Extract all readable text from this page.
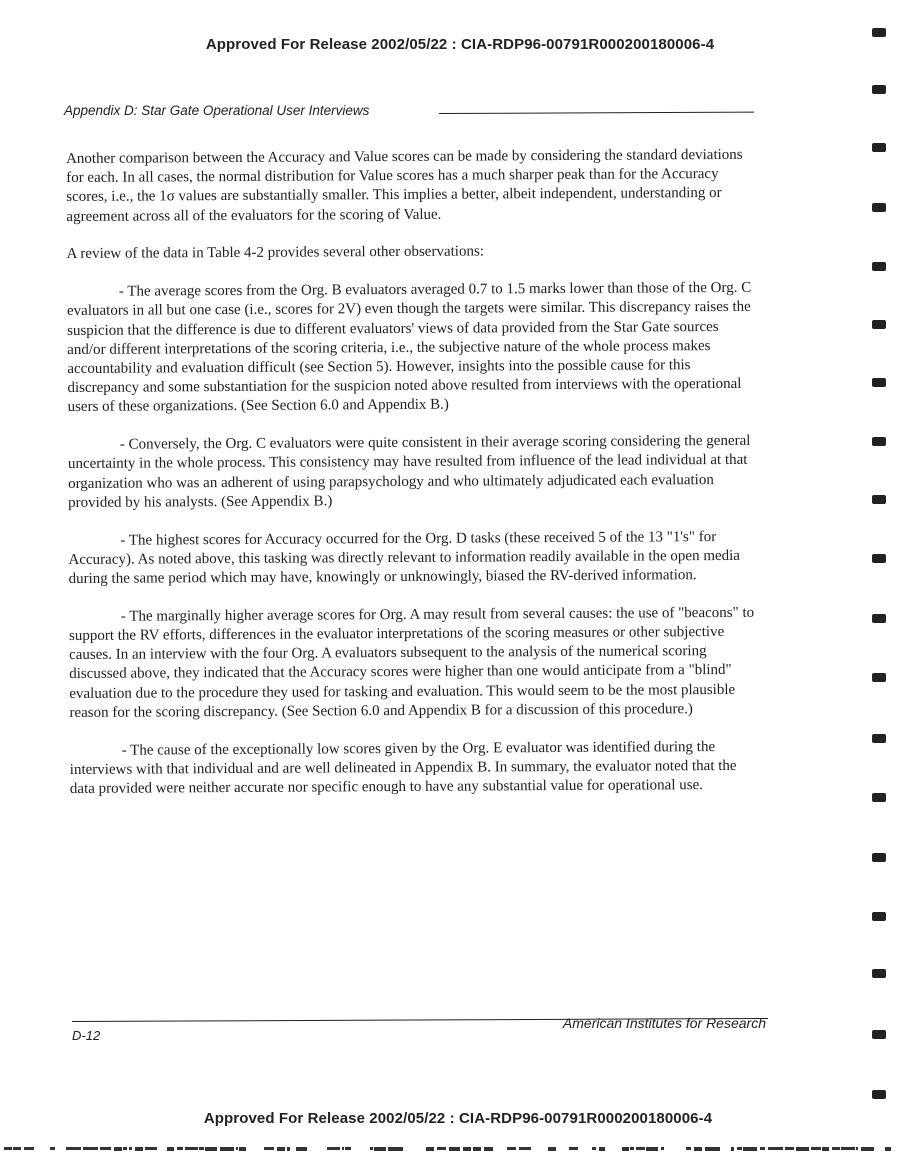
Approved For Release 2002/05/22 : CIA-RDP96-00791R000200180006-4
Appendix D: Star Gate Operational User Interviews

Another comparison between the Accuracy and Value scores can be made by considering the standard deviations for each. In all cases, the normal distribution for Value scores has a much sharper peak than for the Accuracy scores, i.e., the 1σ values are substantially smaller. This implies a better, albeit independent, understanding or agreement across all of the evaluators for the scoring of Value.

A review of the data in Table 4-2 provides several other observations:

- The average scores from the Org. B evaluators averaged 0.7 to 1.5 marks lower than those of the Org. C evaluators in all but one case (i.e., scores for 2V) even though the targets were similar. This discrepancy raises the suspicion that the difference is due to different evaluators' views of data provided from the Star Gate sources and/or different interpretations of the scoring criteria, i.e., the subjective nature of the whole process makes accountability and evaluation difficult (see Section 5). However, insights into the possible cause for this discrepancy and some substantiation for the suspicion noted above resulted from interviews with the operational users of these organizations. (See Section 6.0 and Appendix B.)

- Conversely, the Org. C evaluators were quite consistent in their average scoring considering the general uncertainty in the whole process. This consistency may have resulted from influence of the lead individual at that organization who was an adherent of using parapsychology and who ultimately adjudicated each evaluation provided by his analysts. (See Appendix B.)

- The highest scores for Accuracy occurred for the Org. D tasks (these received 5 of the 13 "1's" for Accuracy). As noted above, this tasking was directly relevant to information readily available in the open media during the same period which may have, knowingly or unknowingly, biased the RV-derived information.

- The marginally higher average scores for Org. A may result from several causes: the use of "beacons" to support the RV efforts, differences in the evaluator interpretations of the scoring measures or other subjective causes. In an interview with the four Org. A evaluators subsequent to the analysis of the numerical scoring discussed above, they indicated that the Accuracy scores were higher than one would anticipate from a "blind" evaluation due to the procedure they used for tasking and evaluation. This would seem to be the most plausible reason for the scoring discrepancy. (See Section 6.0 and Appendix B for a discussion of this procedure.)

- The cause of the exceptionally low scores given by the Org. E evaluator was identified during the interviews with that individual and are well delineated in Appendix B. In summary, the evaluator noted that the data provided were neither accurate nor specific enough to have any substantial value for operational use.

D-12
American Institutes for Research
Approved For Release 2002/05/22 : CIA-RDP96-00791R000200180006-4
